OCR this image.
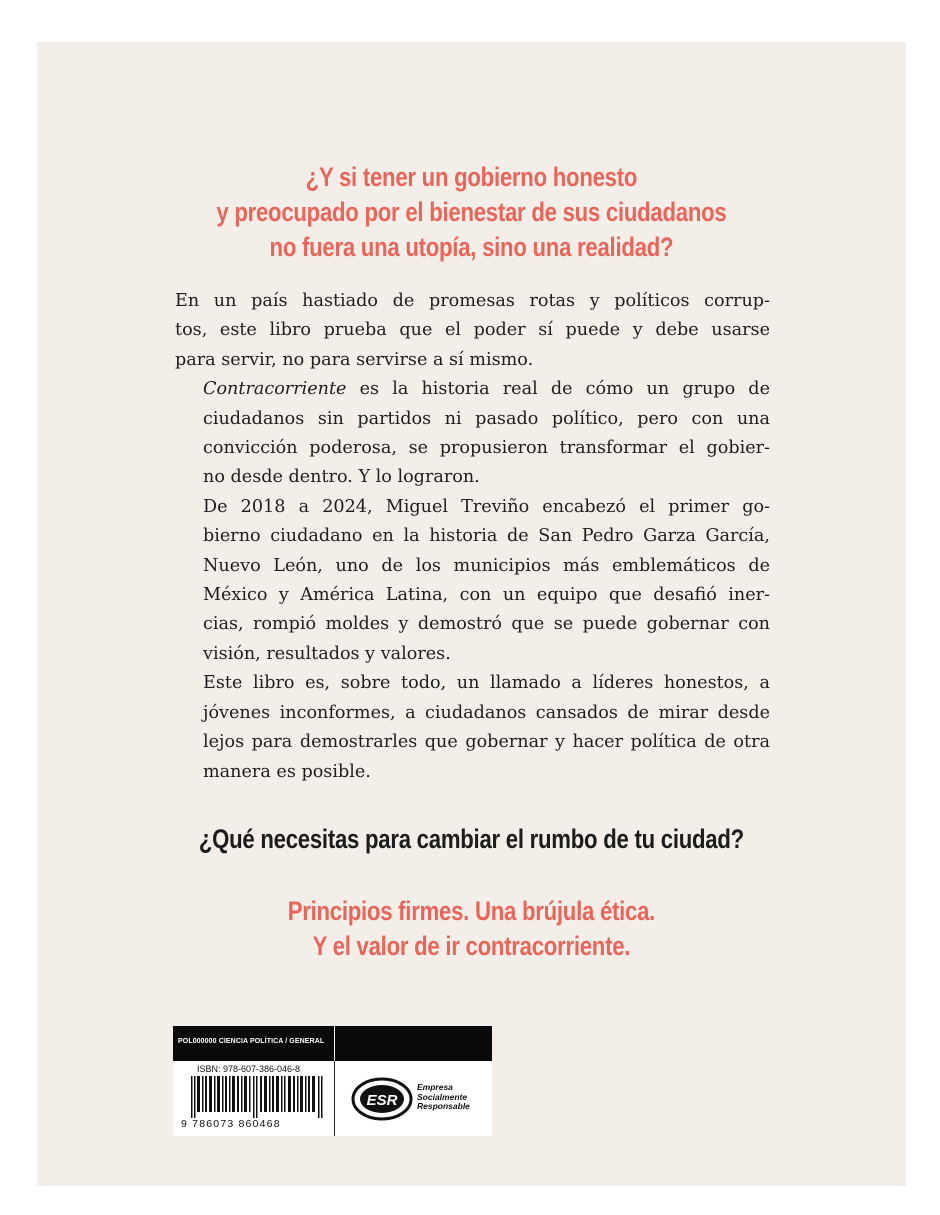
¿Y si tener un gobierno honesto
y preocupado por el bienestar de sus ciudadanos
no fuera una utopía, sino una realidad?

En un país hastiado de promesas rotas y políticos corrup-
tos, este libro prueba que el poder sí puede y debe usarse
para servir, no para servirse a sí mismo.

Contracorriente es la historia real de cómo un grupo de
ciudadanos sin partidos ni pasado político, pero con una
convicción poderosa, se propusieron transformar el gobier-
no desde dentro. Y lo lograron.

De 2018 a 2024, Miguel Treviño encabezó el primer go-
bierno ciudadano en la historia de San Pedro Garza García,
Nuevo León, uno de los municipios más emblemáticos de
México y América Latina, con un equipo que desafió iner-
cias, rompió moldes y demostró que se puede gobernar con
visión, resultados y valores.

Este libro es, sobre todo, un llamado a líderes honestos, a
jóvenes inconformes, a ciudadanos cansados de mirar desde
lejos para demostrarles que gobernar y hacer política de otra
manera es posible.

¿Qué necesitas para cambiar el rumbo de tu ciudad?
Principios firmes. Una brújula ética.
Y el valor de ir contracorriente.
POL000000 CIENCIA POLÍTICA / GENERAL
ISBN: 978-607-386-046-8
9 786073 860468
ESR
Empresa
Socialmente
Responsable
